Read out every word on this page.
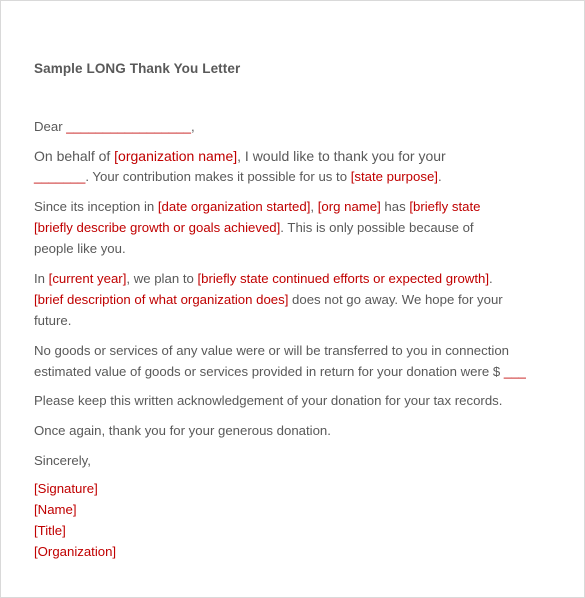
Sample LONG Thank You Letter
Dear _________________,
On behalf of [organization name], I would like to thank you for your
_______. Your contribution makes it possible for us to [state purpose].
Since its inception in [date organization started], [org name] has [briefly state
[briefly describe growth or goals achieved]. This is only possible because of
people like you.
In [current year], we plan to [briefly state continued efforts or expected growth].
[brief description of what organization does] does not go away. We hope for your
future.
No goods or services of any value were or will be transferred to you in connection
estimated value of goods or services provided in return for your donation were $ ___
Please keep this written acknowledgement of your donation for your tax records.
Once again, thank you for your generous donation.
Sincerely,
[Signature]
[Name]
[Title]
[Organization]
